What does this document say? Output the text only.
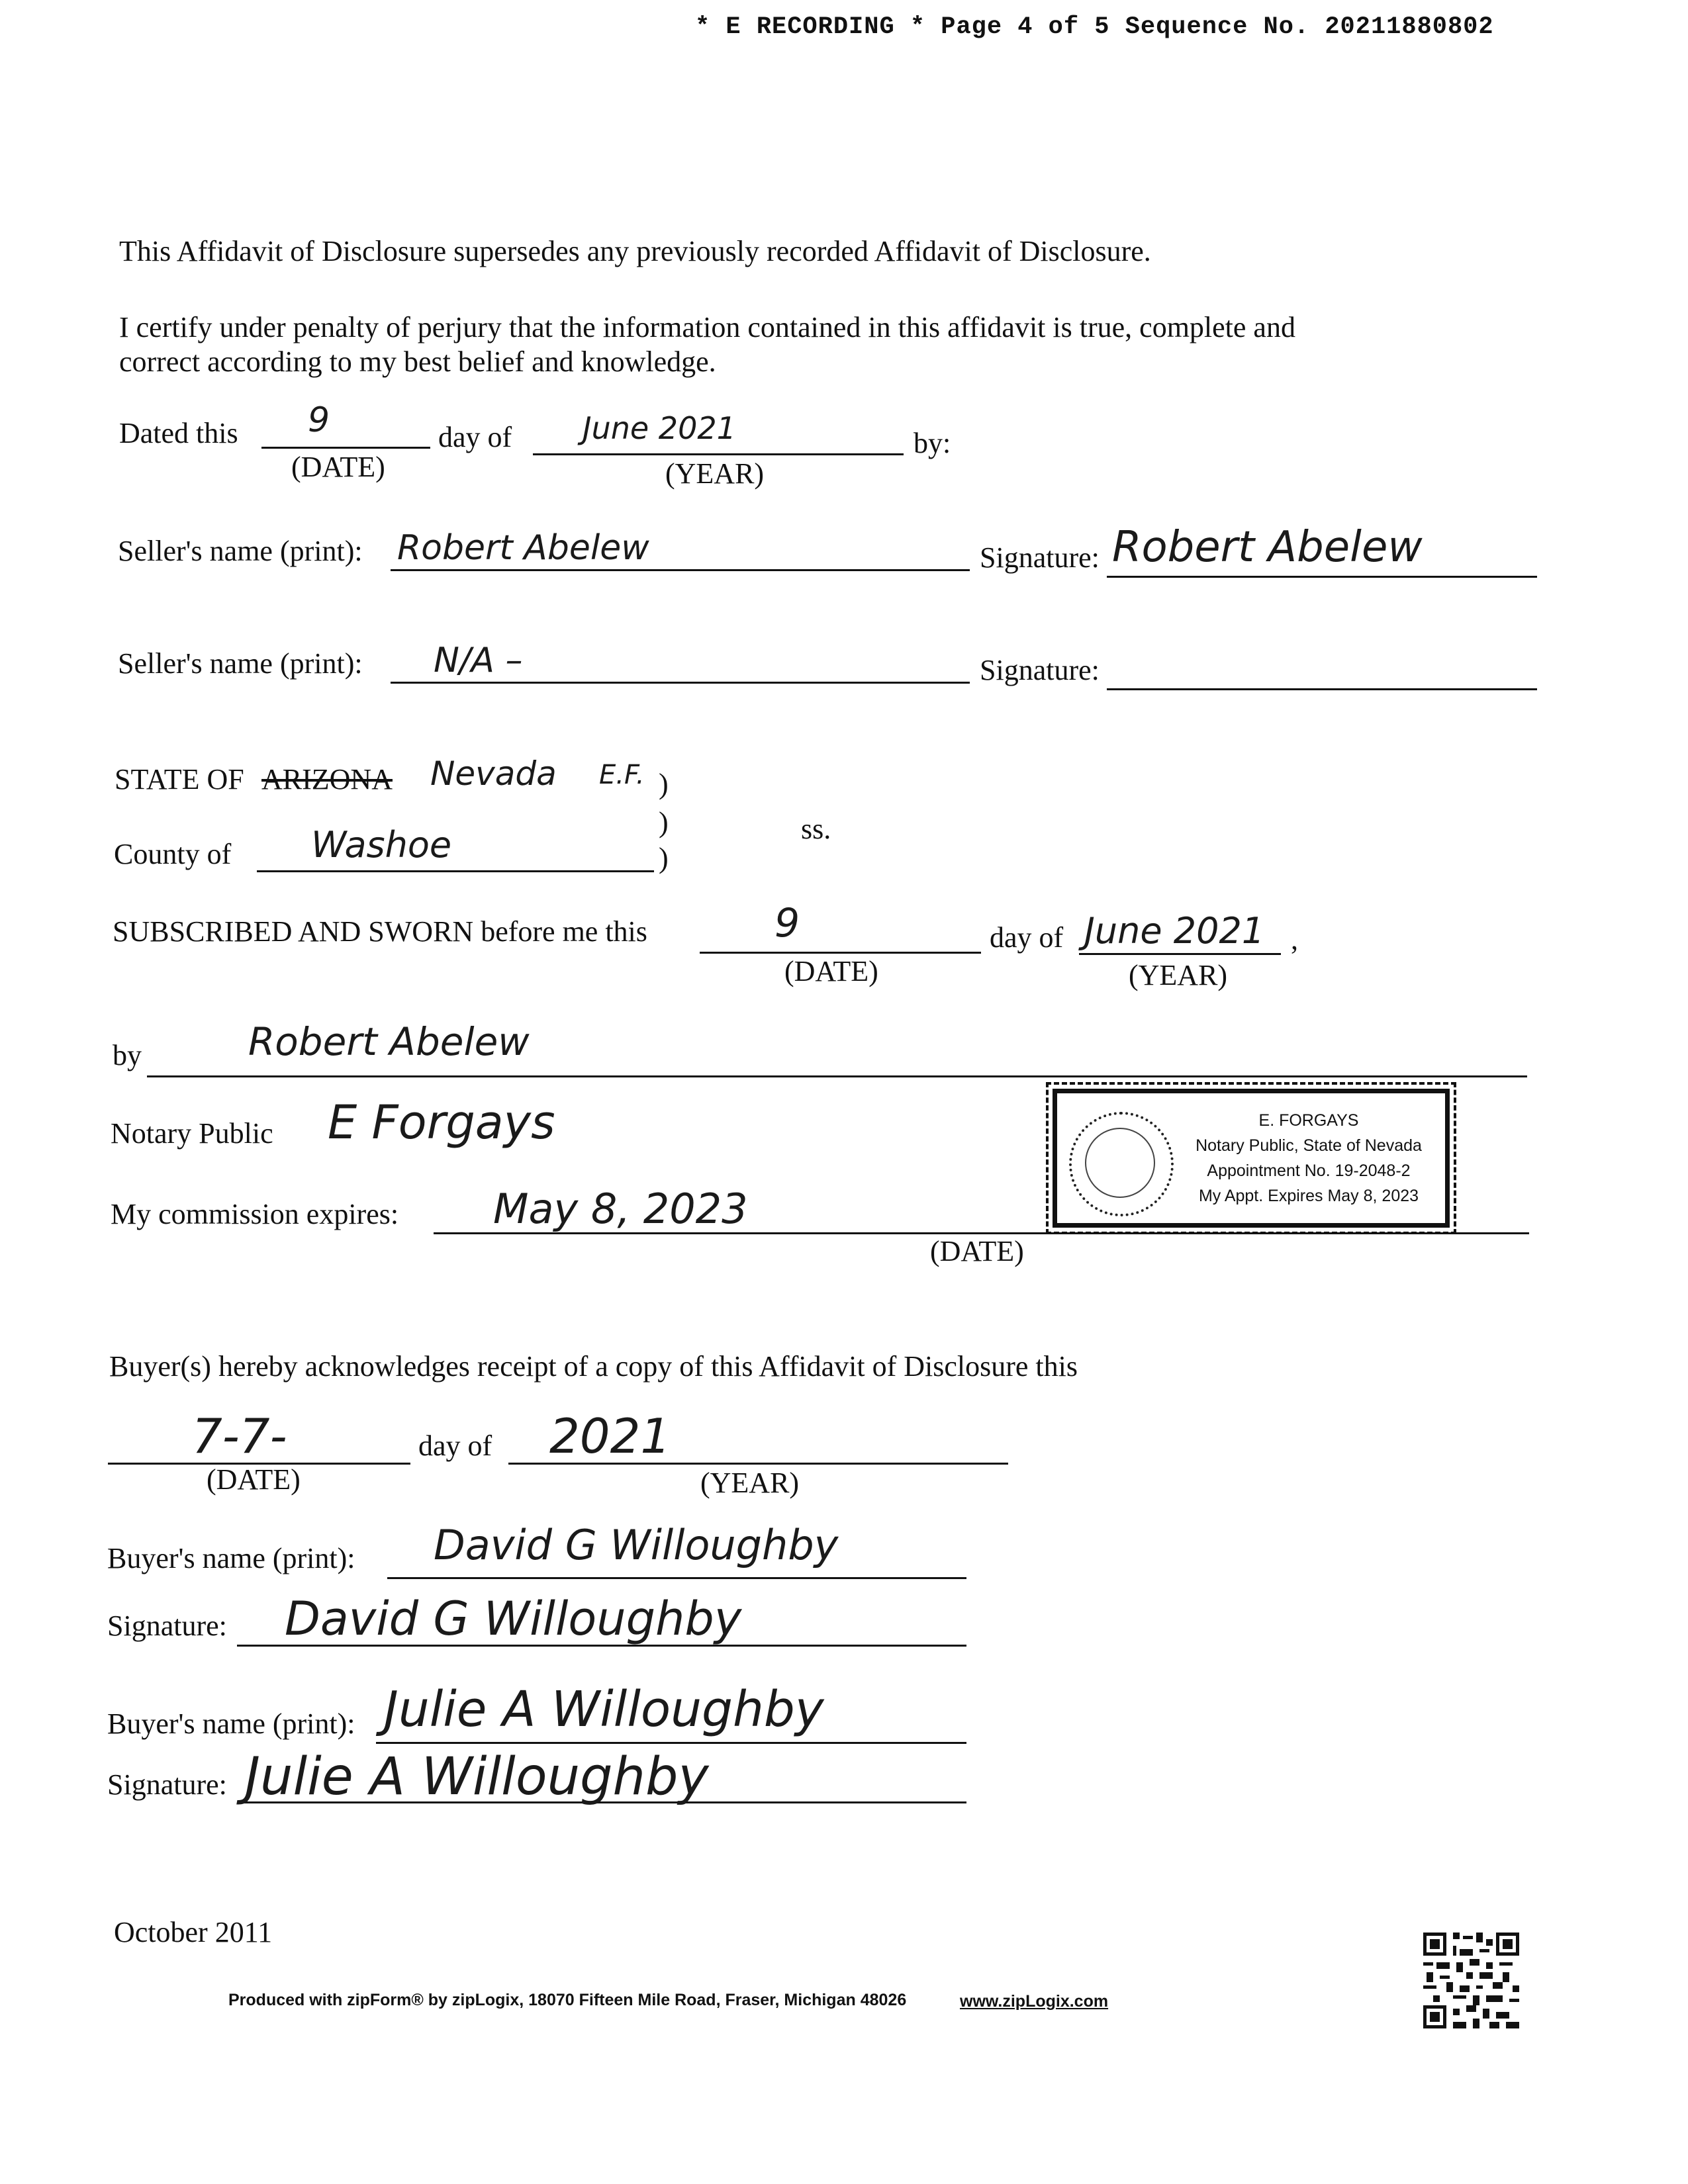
* E RECORDING * Page 4 of 5 Sequence No. 20211880802
This Affidavit of Disclosure supersedes any previously recorded Affidavit of Disclosure.
I certify under penalty of perjury that the information contained in this affidavit is true, complete and
correct according to my best belief and knowledge.
Dated this 9	day of June 2021	by:
(DATE)	(YEAR)
Seller's name (print): Robert Abelew	Signature: Robert Abelew
Seller's name (print): N/A –	Signature:
STATE OF ARIZONA Nevada E.F. )
)
)
ss.
County of Washoe
SUBSCRIBED AND SWORN before me this	9	day of June 2021 ,
(DATE)	(YEAR)
by	Robert Abelew
Notary Public E Forgays
My commission expires: May 8, 2023
(DATE)
E. FORGAYS
Notary Public, State of Nevada
Appointment No. 19-2048-2
My Appt. Expires May 8, 2023
Buyer(s) hereby acknowledges receipt of a copy of this Affidavit of Disclosure this
7-7-	day of 2021
(DATE)	(YEAR)
Buyer's name (print): David G Willoughby
Signature: David G Willoughby
Buyer's name (print): Julie A Willoughby
Signature: Julie A Willoughby
October 2011
Produced with zipForm® by zipLogix, 18070 Fifteen Mile Road, Fraser, Michigan 48026	www.zipLogix.com
